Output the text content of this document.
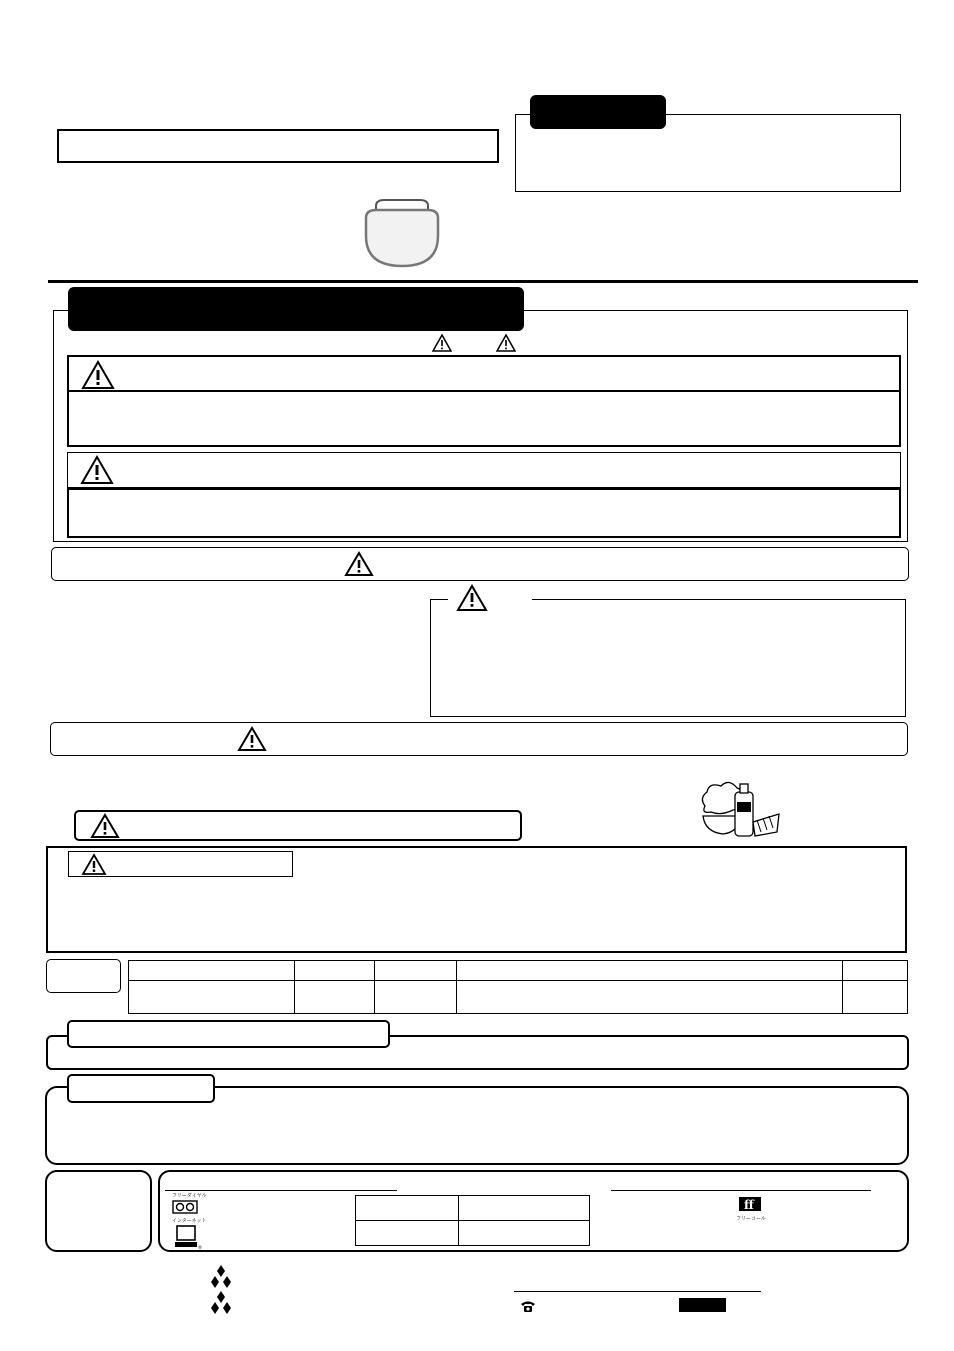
フリーダイヤル
インターネット
®

ff
フリーコール
